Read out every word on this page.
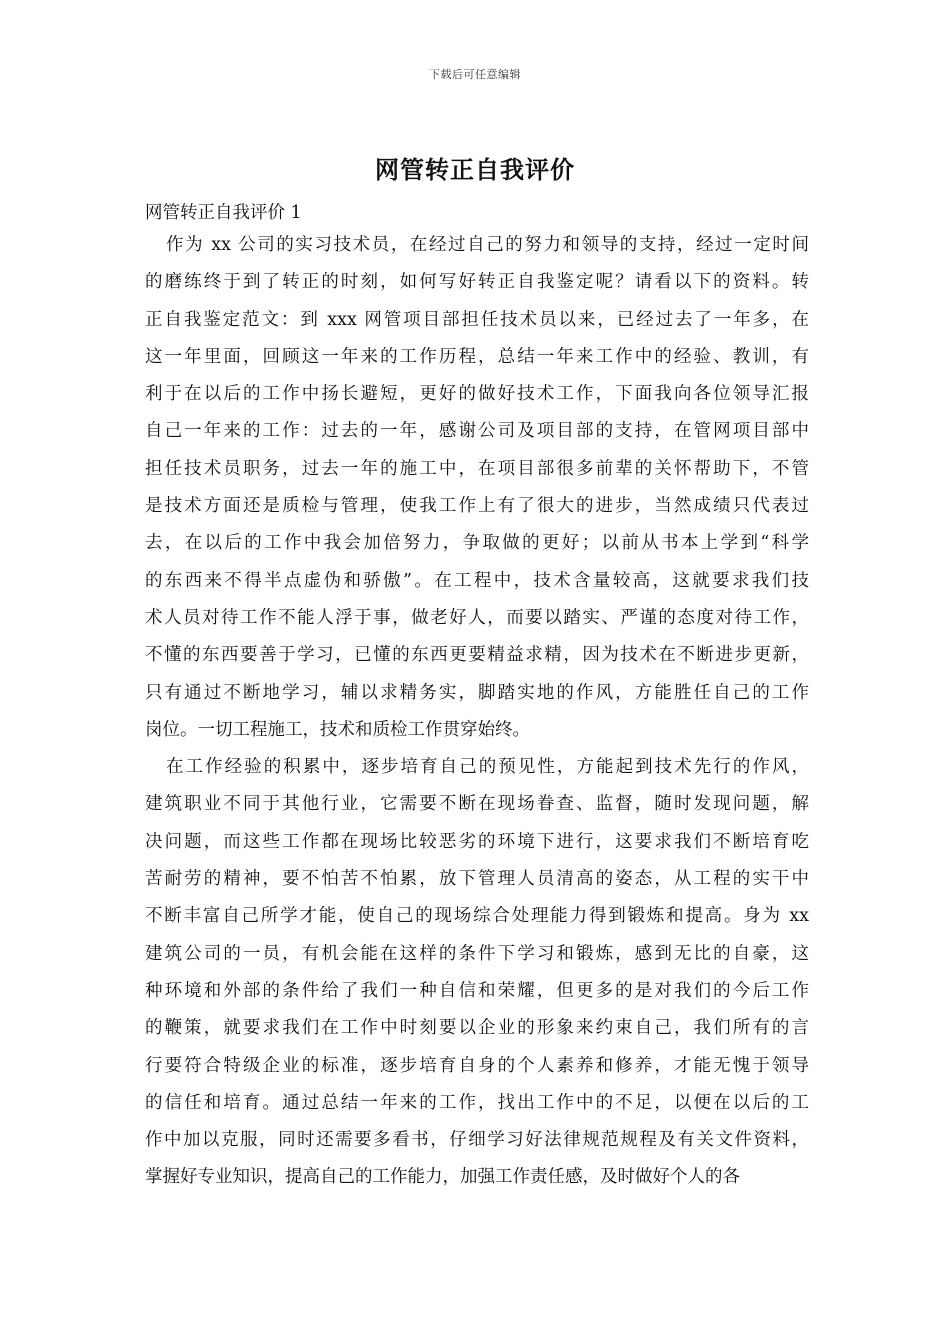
下载后可任意编辑
网管转正自我评价
网管转正自我评价 1

作为 xx 公司的实习技术员，在经过自己的努力和领导的支持，经过一定时间
的磨练终于到了转正的时刻，如何写好转正自我鉴定呢？请看以下的资料。转
正自我鉴定范文：到 xxx 网管项目部担任技术员以来，已经过去了一年多，在
这一年里面，回顾这一年来的工作历程，总结一年来工作中的经验、教训，有
利于在以后的工作中扬长避短，更好的做好技术工作，下面我向各位领导汇报
自己一年来的工作：过去的一年，感谢公司及项目部的支持，在管网项目部中
担任技术员职务，过去一年的施工中，在项目部很多前辈的关怀帮助下，不管
是技术方面还是质检与管理，使我工作上有了很大的进步，当然成绩只代表过
去，在以后的工作中我会加倍努力，争取做的更好；以前从书本上学到“科学
的东西来不得半点虚伪和骄傲”。在工程中，技术含量较高，这就要求我们技
术人员对待工作不能人浮于事，做老好人，而要以踏实、严谨的态度对待工作，
不懂的东西要善于学习，已懂的东西更要精益求精，因为技术在不断进步更新，
只有通过不断地学习，辅以求精务实，脚踏实地的作风，方能胜任自己的工作
岗位。一切工程施工，技术和质检工作贯穿始终。

在工作经验的积累中，逐步培育自己的预见性，方能起到技术先行的作风，
建筑职业不同于其他行业，它需要不断在现场眷查、监督，随时发现问题，解
决问题，而这些工作都在现场比较恶劣的环境下进行，这要求我们不断培育吃
苦耐劳的精神，要不怕苦不怕累，放下管理人员清高的姿态，从工程的实干中
不断丰富自己所学才能，使自己的现场综合处理能力得到锻炼和提高。身为 xx
建筑公司的一员，有机会能在这样的条件下学习和锻炼，感到无比的自豪，这
种环境和外部的条件给了我们一种自信和荣耀，但更多的是对我们的今后工作
的鞭策，就要求我们在工作中时刻要以企业的形象来约束自己，我们所有的言
行要符合特级企业的标准，逐步培育自身的个人素养和修养，才能无愧于领导
的信任和培育。通过总结一年来的工作，找出工作中的不足，以便在以后的工
作中加以克服，同时还需要多看书，仔细学习好法律规范规程及有关文件资料，
掌握好专业知识，提高自己的工作能力，加强工作责任感，及时做好个人的各
